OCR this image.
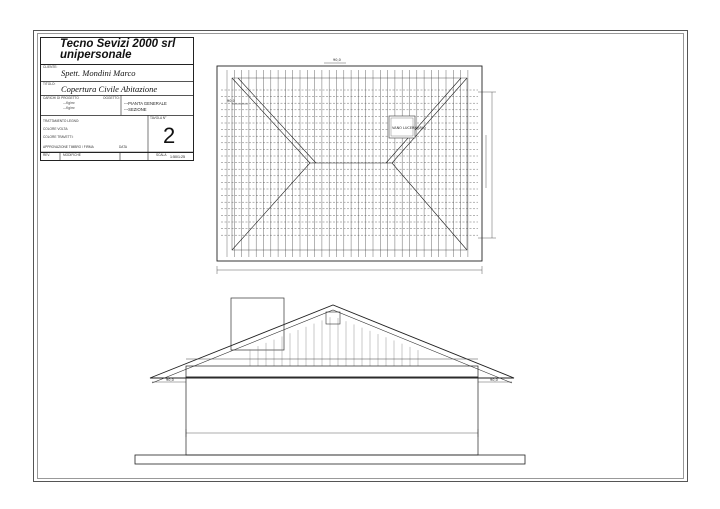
Tecno Sevizi 2000 srl
unipersonale
CLIENTE:
Spett. Mondini Marco
TITOLO: Copertura Civile Abitazione
CARICHI DI PROGETTO
---Kg/m²
---Kg/m²
OGGETTO:
---PIANTA GENERALE
---SEZIONE
TRATTAMENTO LEGNO:
COLORE VOLTA:
COLORE TRAVETTI:
APPROVAZIONE TIMBRO / FIRMA	DATA
TAVOLA N°
2
REV.	MODIFICHE	SCALA 1:50/1:25
VANO LUCERNARIO
90,0
90,0
90,0	90,0
